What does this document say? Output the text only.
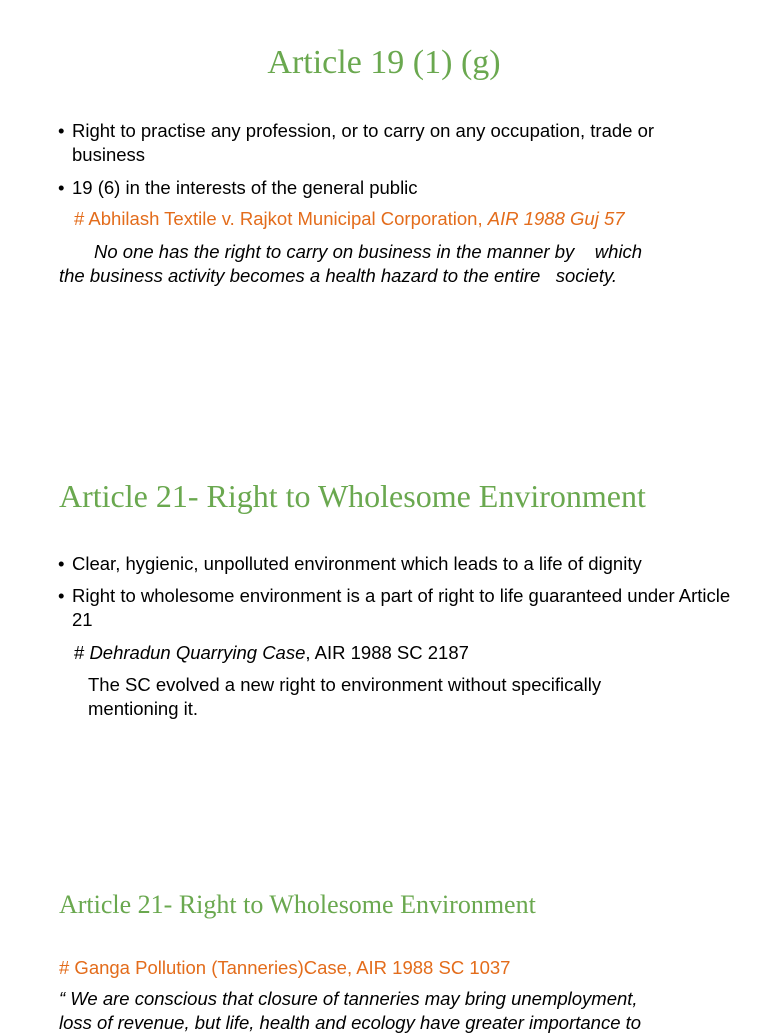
Article 19 (1) (g)

• Right to practise any profession, or to carry on any occupation, trade or business

• 19 (6) in the interests of the general public

# Abhilash Textile v. Rajkot Municipal Corporation, AIR 1988 Guj 57

No one has the right to carry on business in the manner by    which

the business activity becomes a health hazard to the entire   society.

Article 21- Right to Wholesome Environment

• Clear, hygienic, unpolluted environment which leads to a life of dignity

• Right to wholesome environment is a part of right to life guaranteed under Article 21

# Dehradun Quarrying Case, AIR 1988 SC 2187

The SC evolved a new right to environment without specifically mentioning it.

Article 21- Right to Wholesome Environment

# Ganga Pollution (Tanneries)Case, AIR 1988 SC 1037

“ We are conscious that closure of tanneries may bring unemployment,

loss of revenue, but life, health and ecology have greater importance to
